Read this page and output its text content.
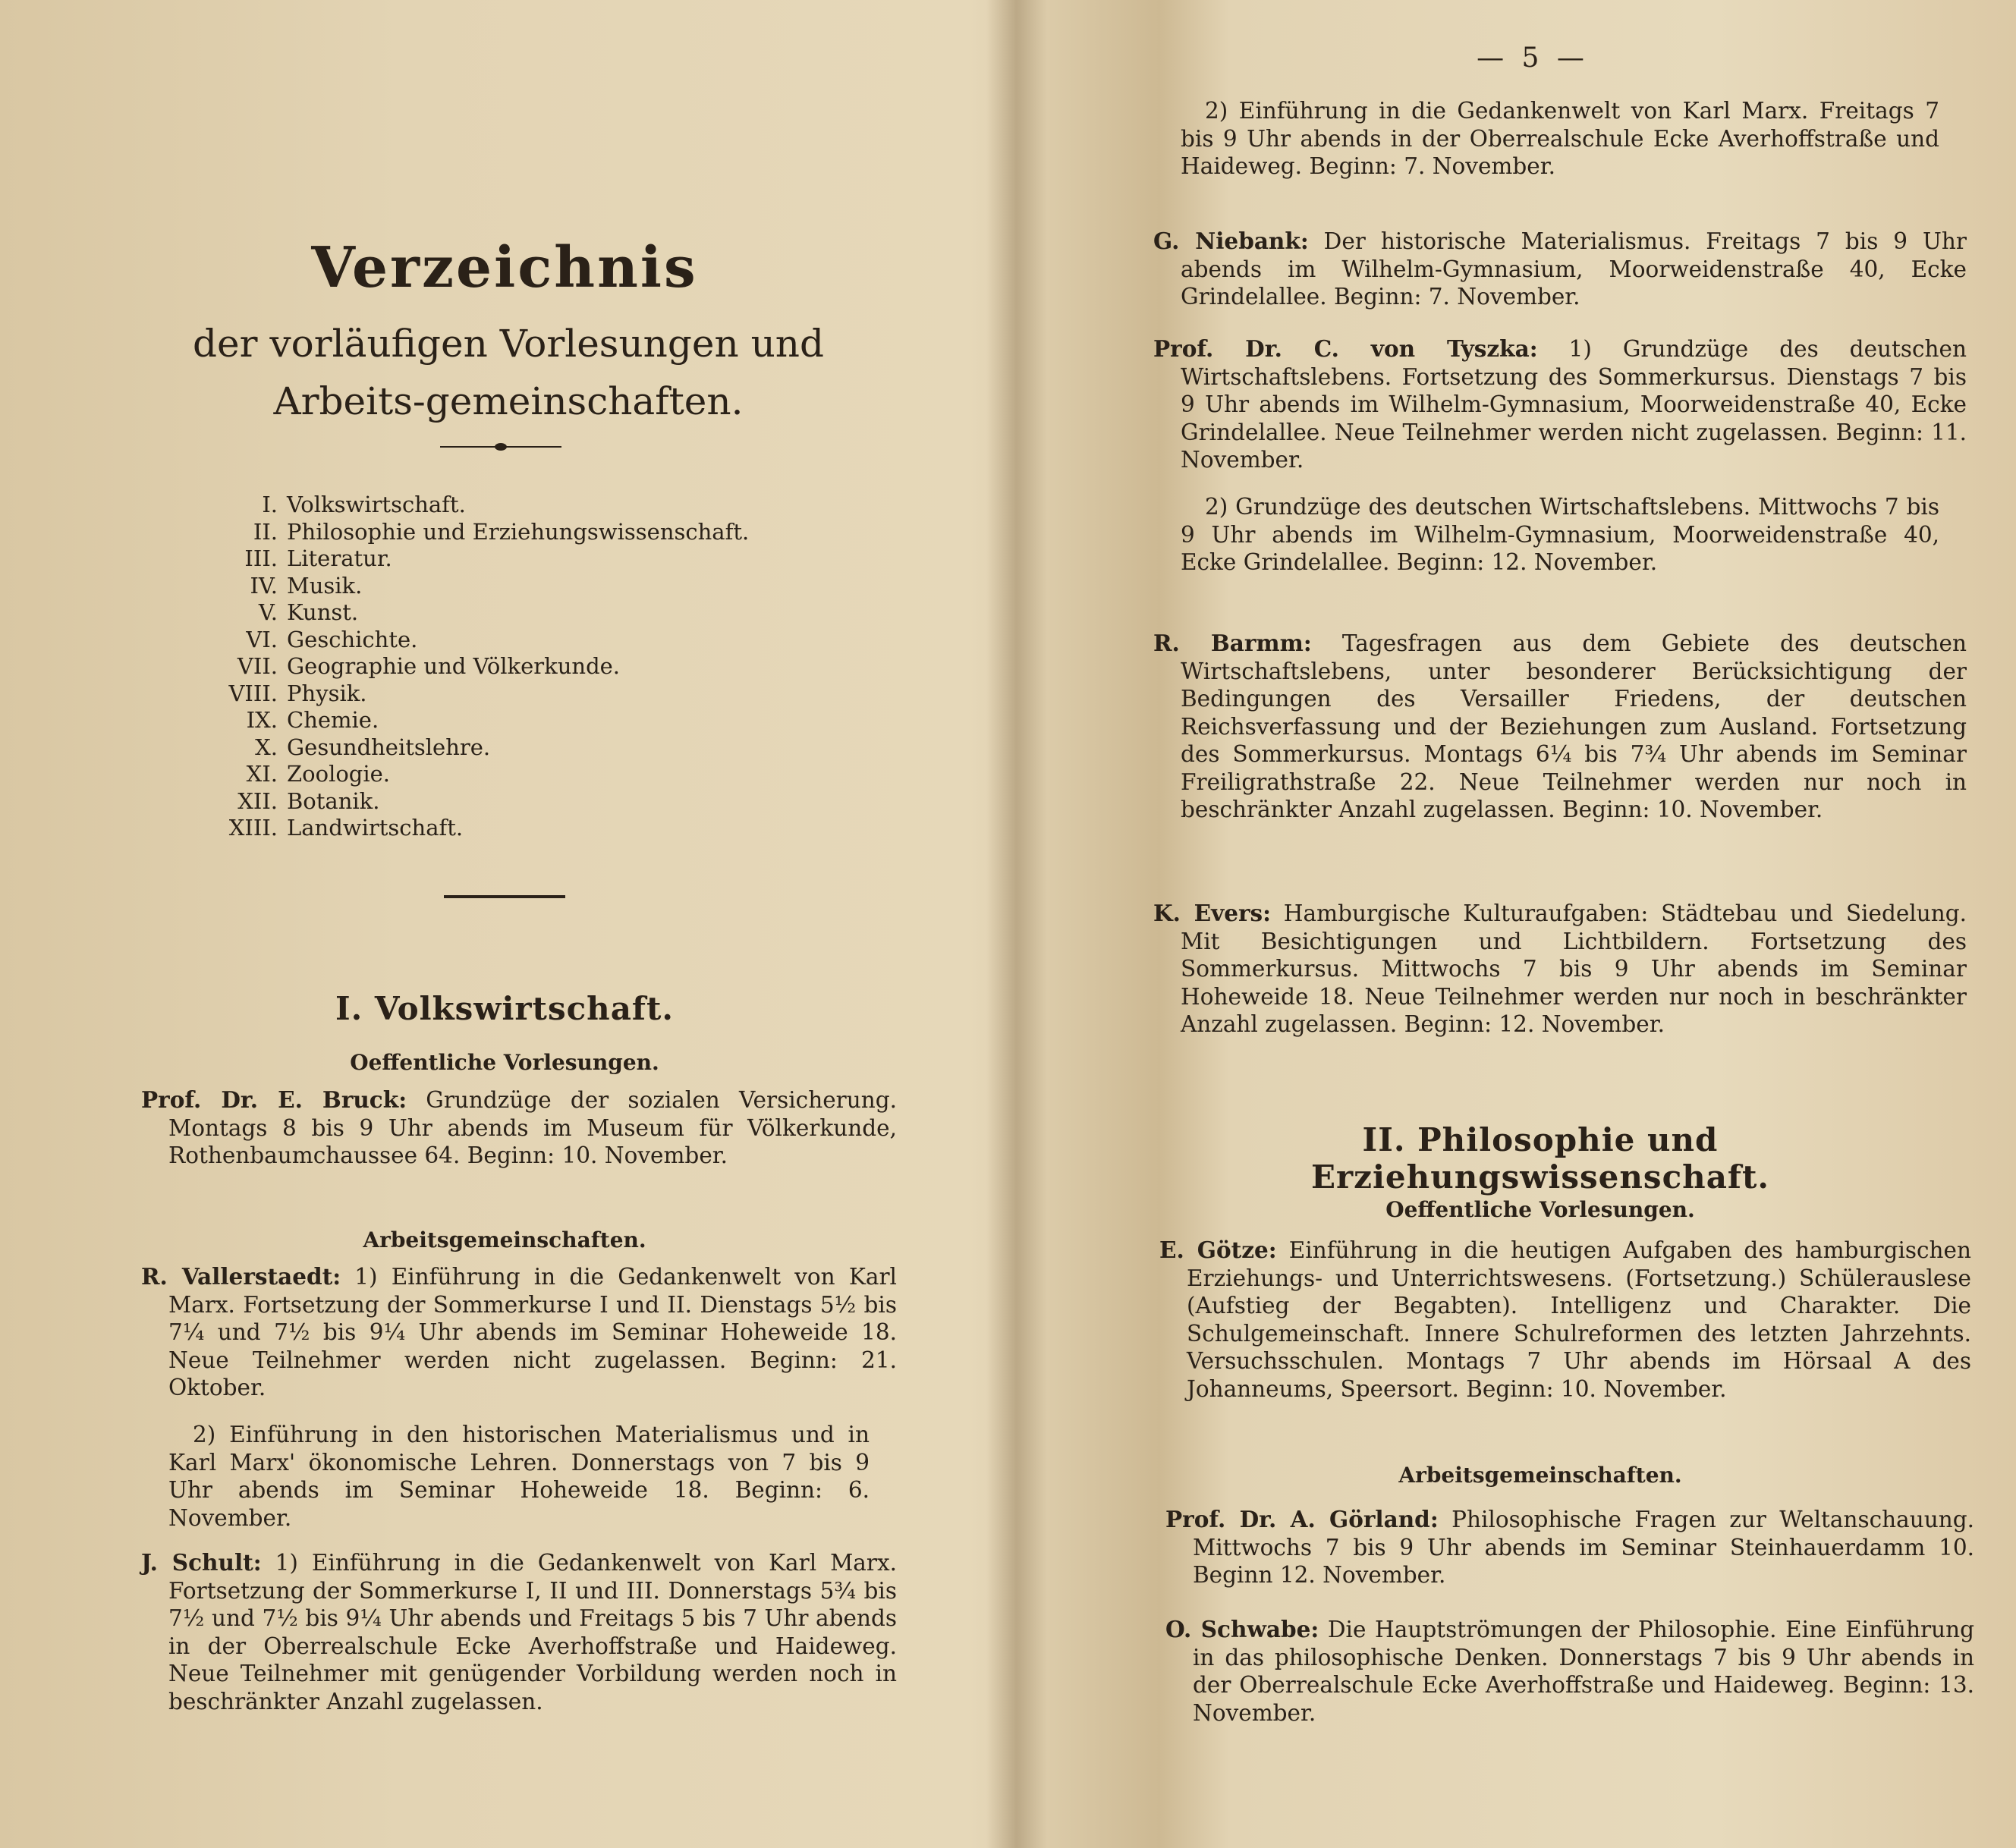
Verzeichnis
der vorläufigen Vorlesungen und Arbeits-gemeinschaften.
I. Volkswirtschaft.
II. Philosophie und Erziehungswissenschaft.
III. Literatur.
IV. Musik.
V. Kunst.
VI. Geschichte.
VII. Geographie und Völkerkunde.
VIII. Physik.
IX. Chemie.
X. Gesundheitslehre.
XI. Zoologie.
XII. Botanik.
XIII. Landwirtschaft.
I. Volkswirtschaft.
Oeffentliche Vorlesungen.
Prof. Dr. E. Bruck: Grundzüge der sozialen Versicherung. Montags 8 bis 9 Uhr abends im Museum für Völkerkunde, Rothenbaumchaussee 64. Beginn: 10. November.
Arbeitsgemeinschaften.
R. Vallerstaedt: 1) Einführung in die Gedankenwelt von Karl Marx. Fortsetzung der Sommerkurse I und II. Dienstags 5½ bis 7¼ und 7½ bis 9¼ Uhr abends im Seminar Hoheweide 18. Neue Teilnehmer werden nicht zugelassen. Beginn: 21. Oktober.
2) Einführung in den historischen Materialismus und in Karl Marx' ökonomische Lehren. Donnerstags von 7 bis 9 Uhr abends im Seminar Hoheweide 18. Beginn: 6. November.
J. Schult: 1) Einführung in die Gedankenwelt von Karl Marx. Fortsetzung der Sommerkurse I, II und III. Donnerstags 5¾ bis 7½ und 7½ bis 9¼ Uhr abends und Freitags 5 bis 7 Uhr abends in der Oberrealschule Ecke Averhoffstraße und Haideweg. Neue Teilnehmer mit genügender Vorbildung werden noch in beschränkter Anzahl zugelassen.
— 5 —
2) Einführung in die Gedankenwelt von Karl Marx. Freitags 7 bis 9 Uhr abends in der Oberrealschule Ecke Averhoffstraße und Haideweg. Beginn: 7. November.
G. Niebank: Der historische Materialismus. Freitags 7 bis 9 Uhr abends im Wilhelm-Gymnasium, Moorweidenstraße 40, Ecke Grindelallee. Beginn: 7. November.
Prof. Dr. C. von Tyszka: 1) Grundzüge des deutschen Wirtschaftslebens. Fortsetzung des Sommerkursus. Dienstags 7 bis 9 Uhr abends im Wilhelm-Gymnasium, Moorweidenstraße 40, Ecke Grindelallee. Neue Teilnehmer werden nicht zugelassen. Beginn: 11. November.
2) Grundzüge des deutschen Wirtschaftslebens. Mittwochs 7 bis 9 Uhr abends im Wilhelm-Gymnasium, Moorweidenstraße 40, Ecke Grindelallee. Beginn: 12. November.
R. Barmm: Tagesfragen aus dem Gebiete des deutschen Wirtschaftslebens, unter besonderer Berücksichtigung der Bedingungen des Versailler Friedens, der deutschen Reichsverfassung und der Beziehungen zum Ausland. Fortsetzung des Sommerkursus. Montags 6¼ bis 7¾ Uhr abends im Seminar Freiligrathstraße 22. Neue Teilnehmer werden nur noch in beschränkter Anzahl zugelassen. Beginn: 10. November.
K. Evers: Hamburgische Kulturaufgaben: Städtebau und Siedelung. Mit Besichtigungen und Lichtbildern. Fortsetzung des Sommerkursus. Mittwochs 7 bis 9 Uhr abends im Seminar Hoheweide 18. Neue Teilnehmer werden nur noch in beschränkter Anzahl zugelassen. Beginn: 12. November.
II. Philosophie und Erziehungswissenschaft.
Oeffentliche Vorlesungen.
E. Götze: Einführung in die heutigen Aufgaben des hamburgischen Erziehungs- und Unterrichtswesens. (Fortsetzung.) Schülerauslese (Aufstieg der Begabten). Intelligenz und Charakter. Die Schulgemeinschaft. Innere Schulreformen des letzten Jahrzehnts. Versuchsschulen. Montags 7 Uhr abends im Hörsaal A des Johanneums, Speersort. Beginn: 10. November.
Arbeitsgemeinschaften.
Prof. Dr. A. Görland: Philosophische Fragen zur Weltanschauung. Mittwochs 7 bis 9 Uhr abends im Seminar Steinhauerdamm 10. Beginn 12. November.
O. Schwabe: Die Hauptströmungen der Philosophie. Eine Einführung in das philosophische Denken. Donnerstags 7 bis 9 Uhr abends in der Oberrealschule Ecke Averhoffstraße und Haideweg. Beginn: 13. November.
